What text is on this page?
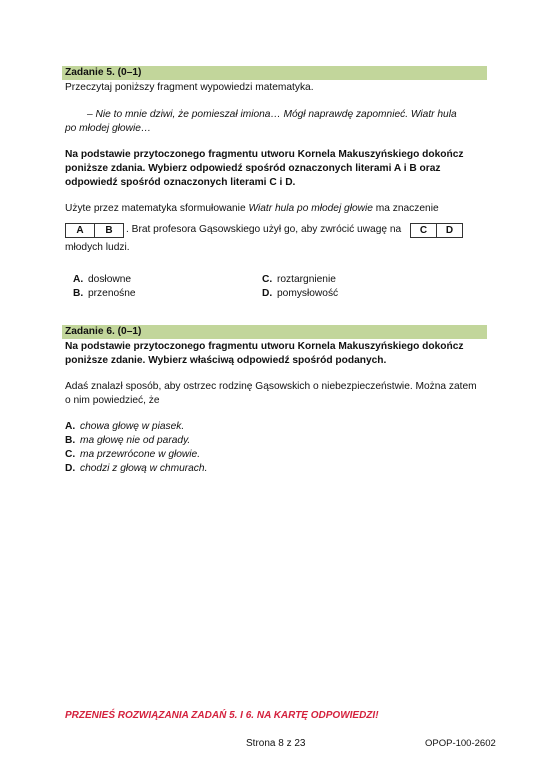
Zadanie 5. (0–1)
Przeczytaj poniższy fragment wypowiedzi matematyka.
– Nie to mnie dziwi, że pomieszał imiona… Mógł naprawdę zapomnieć. Wiatr hula
po młodej głowie…
Na podstawie przytoczonego fragmentu utworu Kornela Makuszyńskiego dokończ
poniższe zdania. Wybierz odpowiedź spośród oznaczonych literami A i B oraz
odpowiedź spośród oznaczonych literami C i D.
Użyte przez matematyka sformułowanie Wiatr hula po młodej głowie ma znaczenie
A	B	. Brat profesora Gąsowskiego użył go, aby zwrócić uwagę na	C	D
młodych ludzi.
A. dosłowne
B. przenośne
C. roztargnienie
D. pomysłowość
Zadanie 6. (0–1)
Na podstawie przytoczonego fragmentu utworu Kornela Makuszyńskiego dokończ
poniższe zdanie. Wybierz właściwą odpowiedź spośród podanych.
Adaś znalazł sposób, aby ostrzec rodzinę Gąsowskich o niebezpieczeństwie. Można zatem
o nim powiedzieć, że
A. chowa głowę w piasek.
B. ma głowę nie od parady.
C. ma przewrócone w głowie.
D. chodzi z głową w chmurach.
PRZENIEŚ ROZWIĄZANIA ZADAŃ 5. I 6. NA KARTĘ ODPOWIEDZI!
Strona 8 z 23	OPOP-100-2602
